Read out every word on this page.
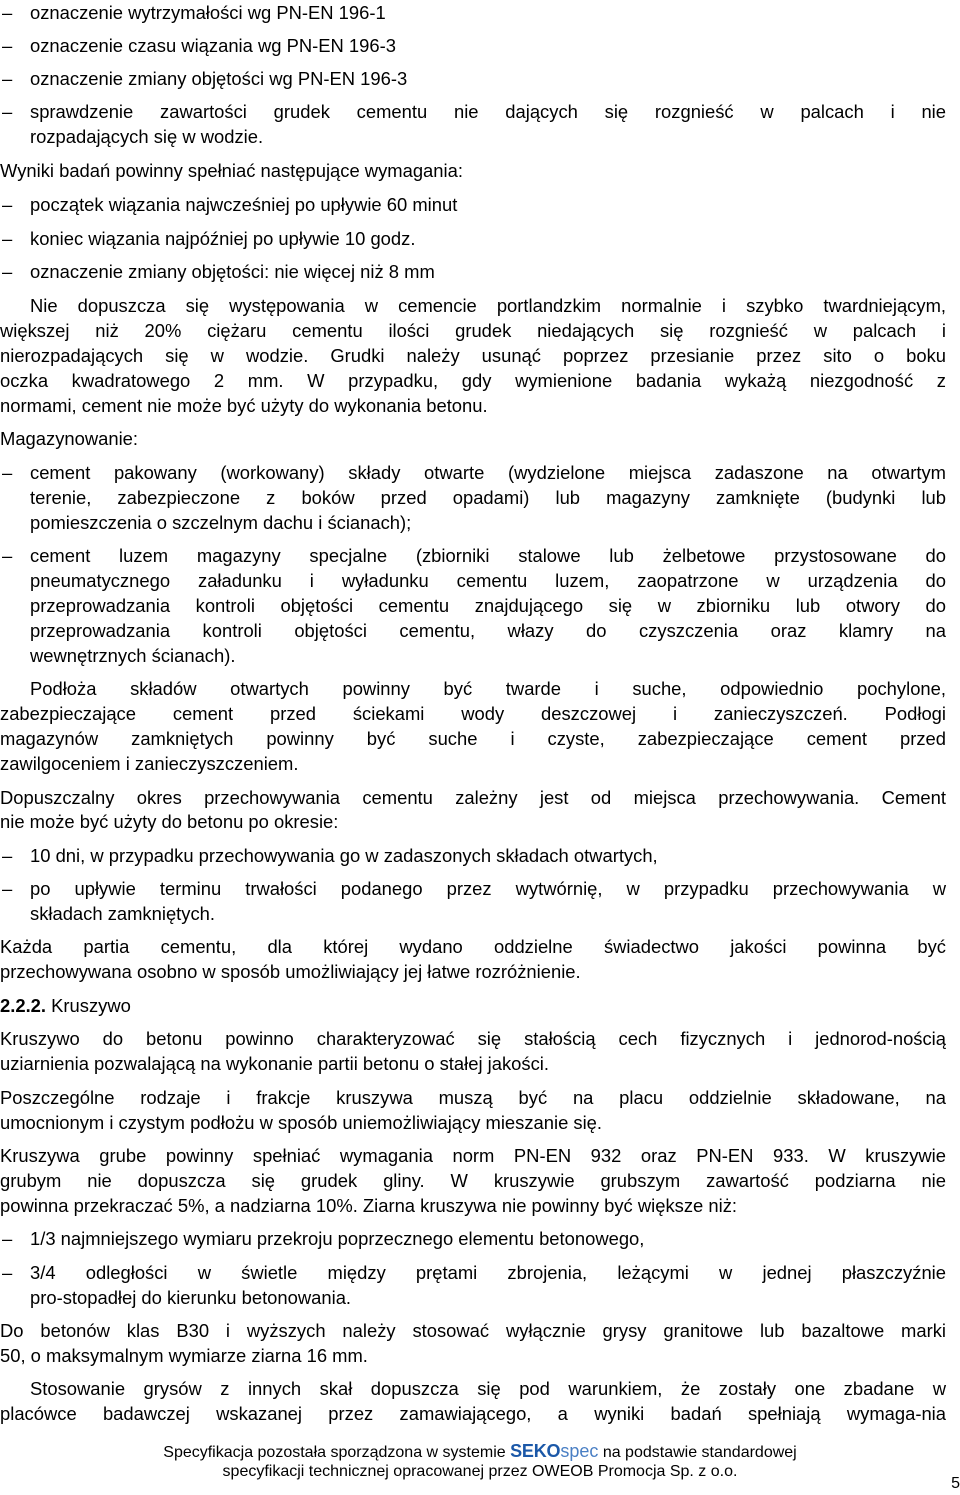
– oznaczenie wytrzymałości wg PN-EN 196-1
– oznaczenie czasu wiązania wg PN-EN 196-3
– oznaczenie zmiany objętości wg PN-EN 196-3
– sprawdzenie zawartości grudek cementu nie dających się rozgnieść w palcach i nie
rozpadających się w wodzie.
Wyniki badań powinny spełniać następujące wymagania:
– początek wiązania najwcześniej po upływie 60 minut
– koniec wiązania najpóźniej po upływie 10 godz.
– oznaczenie zmiany objętości: nie więcej niż 8 mm
Nie dopuszcza się występowania w cemencie portlandzkim normalnie i szybko twardniejącym,
większej niż 20% ciężaru cementu ilości grudek niedających się rozgnieść w palcach i
nierozpadających się w wodzie. Grudki należy usunąć poprzez przesianie przez sito o boku
oczka kwadratowego 2 mm. W przypadku, gdy wymienione badania wykażą niezgodność z
normami, cement nie może być użyty do wykonania betonu.
Magazynowanie:
– cement pakowany (workowany) składy otwarte (wydzielone miejsca zadaszone na otwartym
terenie, zabezpieczone z boków przed opadami) lub magazyny zamknięte (budynki lub
pomieszczenia o szczelnym dachu i ścianach);
– cement luzem magazyny specjalne (zbiorniki stalowe lub żelbetowe przystosowane do
pneumatycznego załadunku i wyładunku cementu luzem, zaopatrzone w urządzenia do
przeprowadzania kontroli objętości cementu znajdującego się w zbiorniku lub otwory do
przeprowadzania kontroli objętości cementu, włazy do czyszczenia oraz klamry na
wewnętrznych ścianach).
Podłoża składów otwartych powinny być twarde i suche, odpowiednio pochylone,
zabezpieczające cement przed ściekami wody deszczowej i zanieczyszczeń. Podłogi
magazynów zamkniętych powinny być suche i czyste, zabezpieczające cement przed
zawilgoceniem i zanieczyszczeniem.
Dopuszczalny okres przechowywania cementu zależny jest od miejsca przechowywania. Cement
nie może być użyty do betonu po okresie:
– 10 dni, w przypadku przechowywania go w zadaszonych składach otwartych,
– po upływie terminu trwałości podanego przez wytwórnię, w przypadku przechowywania w
składach zamkniętych.
Każda partia cementu, dla której wydano oddzielne świadectwo jakości powinna być
przechowywana osobno w sposób umożliwiający jej łatwe rozróżnienie.
2.2.2. Kruszywo
Kruszywo do betonu powinno charakteryzować się stałością cech fizycznych i jednorod-nością
uziarnienia pozwalającą na wykonanie partii betonu o stałej jakości.
Poszczególne rodzaje i frakcje kruszywa muszą być na placu oddzielnie składowane, na
umocnionym i czystym podłożu w sposób uniemożliwiający mieszanie się.
Kruszywa grube powinny spełniać wymagania norm PN-EN 932 oraz PN-EN 933. W kruszywie
grubym nie dopuszcza się grudek gliny. W kruszywie grubszym zawartość podziarna nie
powinna przekraczać 5%, a nadziarna 10%. Ziarna kruszywa nie powinny być większe niż:
– 1/3 najmniejszego wymiaru przekroju poprzecznego elementu betonowego,
– 3/4 odległości w świetle między prętami zbrojenia, leżącymi w jednej płaszczyźnie
pro-stopadłej do kierunku betonowania.
Do betonów klas B30 i wyższych należy stosować wyłącznie grysy granitowe lub bazaltowe marki
50, o maksymalnym wymiarze ziarna 16 mm.
Stosowanie grysów z innych skał dopuszcza się pod warunkiem, że zostały one zbadane w
placówce badawczej wskazanej przez zamawiającego, a wyniki badań spełniają wymaga-nia
Specyfikacja pozostała sporządzona w systemie SEKOspec na podstawie standardowej
specyfikacji technicznej opracowanej przez OWEOB Promocja Sp. z o.o.
5
